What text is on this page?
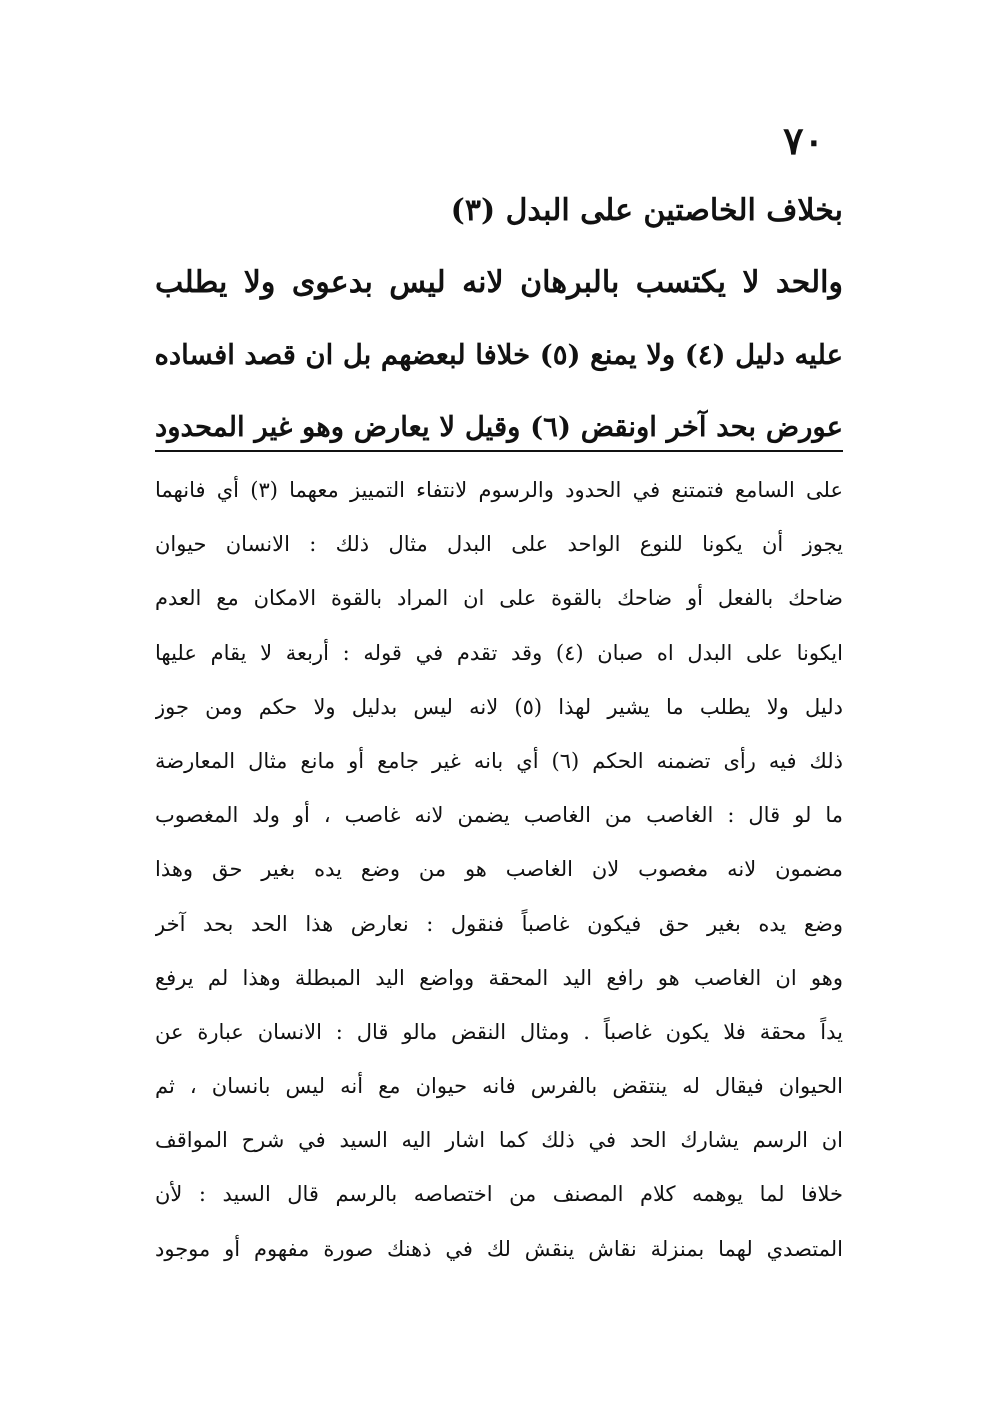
٧٠
بخلاف الخاصتين على البدل (٣)
والحد لا يكتسب بالبرهان لانه ليس بدعوى ولا يطلب
عليه دليل (٤) ولا يمنع (٥) خلافا لبعضهم بل ان قصد افساده
عورض بحد آخر اونقض (٦) وقيل لا يعارض وهو غير المحدود
على السامع فتمتنع في الحدود والرسوم لانتفاء التمييز معهما (٣) أي فانهما
يجوز أن يكونا للنوع الواحد على البدل مثال ذلك : الانسان حيوان
ضاحك بالفعل أو ضاحك بالقوة على ان المراد بالقوة الامكان مع العدم
ايكونا على البدل اه صبان (٤) وقد تقدم في قوله : أربعة لا يقام عليها
دليل ولا يطلب ما يشير لهذا (٥) لانه ليس بدليل ولا حكم ومن جوز
ذلك فيه رأى تضمنه الحكم (٦) أي بانه غير جامع أو مانع مثال المعارضة
ما لو قال : الغاصب من الغاصب يضمن لانه غاصب ، أو ولد المغصوب
مضمون لانه مغصوب لان الغاصب هو من وضع يده بغير حق وهذا
وضع يده بغير حق فيكون غاصباً فنقول : نعارض هذا الحد بحد آخر
وهو ان الغاصب هو رافع اليد المحقة وواضع اليد المبطلة وهذا لم يرفع
يداً محقة فلا يكون غاصباً . ومثال النقض مالو قال : الانسان عبارة عن
الحيوان فيقال له ينتقض بالفرس فانه حيوان مع أنه ليس بانسان ، ثم
ان الرسم يشارك الحد في ذلك كما اشار اليه السيد في شرح المواقف
خلافا لما يوهمه كلام المصنف من اختصاصه بالرسم قال السيد : لأن
المتصدي لهما بمنزلة نقاش ينقش لك في ذهنك صورة مفهوم أو موجود
